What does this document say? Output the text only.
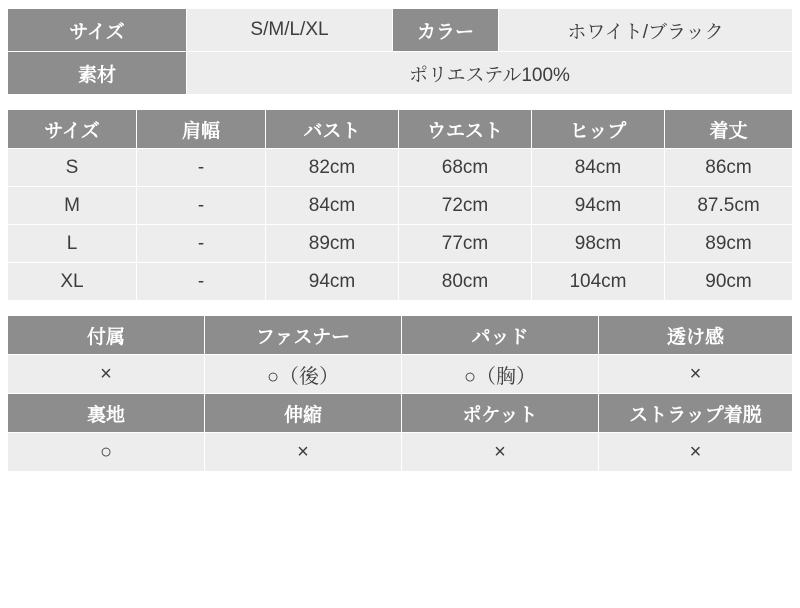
サイズ	S/M/L/XL	カラー	ホワイト/ブラック
素材	ポリエステル100%		
サイズ	肩幅	バスト	ウエスト	ヒップ	着丈
S	-	82cm	68cm	84cm	86cm
M	-	84cm	72cm	94cm	87.5cm
L	-	89cm	77cm	98cm	89cm
XL	-	94cm	80cm	104cm	90cm
付属	ファスナー	パッド	透け感
×	○（後）	○（胸）	×
裏地	伸縮	ポケット	ストラップ着脱
○	×	×	×
